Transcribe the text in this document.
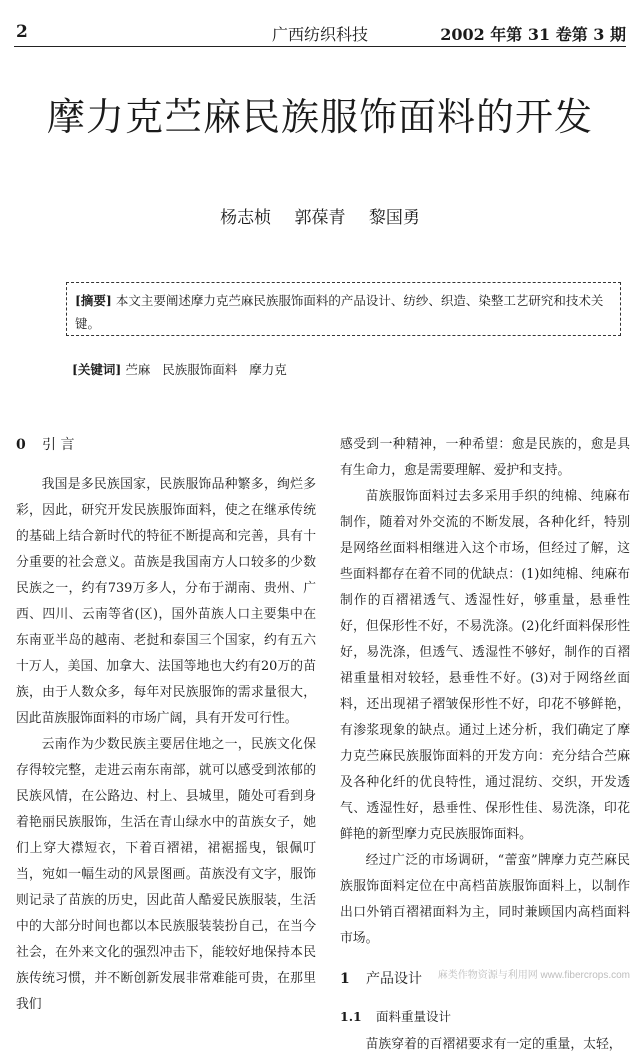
2	广西纺织科技	2002 年第 31 卷第 3 期
摩力克苎麻民族服饰面料的开发
杨志桢 郭葆青 黎国勇
[摘要] 本文主要阐述摩力克苎麻民族服饰面料的产品设计、纺纱、织造、染整工艺研究和技术关键。
[关键词] 苎麻 民族服饰面料 摩力克
0 引 言

我国是多民族国家，民族服饰品种繁多，绚烂多彩，因此，研究开发民族服饰面料，使之在继承传统的基础上结合新时代的特征不断提高和完善，具有十分重要的社会意义。苗族是我国南方人口较多的少数民族之一，约有739万多人，分布于湖南、贵州、广西、四川、云南等省(区)，国外苗族人口主要集中在东南亚半岛的越南、老挝和泰国三个国家，约有五六十万人，美国、加拿大、法国等地也大约有20万的苗族，由于人数众多，每年对民族服饰的需求量很大，因此苗族服饰面料的市场广阔，具有开发可行性。

云南作为少数民族主要居住地之一，民族文化保存得较完整，走进云南东南部，就可以感受到浓郁的民族风情，在公路边、村上、县城里，随处可看到身着艳丽民族服饰，生活在青山绿水中的苗族女子，她们上穿大襟短衣，下着百褶裙，裙裾摇曳，银佩叮当，宛如一幅生动的风景图画。苗族没有文字，服饰则记录了苗族的历史，因此苗人酷爱民族服装，生活中的大部分时间也都以本民族服装装扮自己，在当今社会，在外来文化的强烈冲击下，能较好地保持本民族传统习惯，并不断创新发展非常难能可贵，在那里我们

感受到一种精神，一种希望：愈是民族的，愈是具有生命力，愈是需要理解、爱护和支持。

苗族服饰面料过去多采用手织的纯棉、纯麻布制作，随着对外交流的不断发展，各种化纤，特别是网络丝面料相继进入这个市场，但经过了解，这些面料都存在着不同的优缺点：(1)如纯棉、纯麻布制作的百褶裙透气、透湿性好，够重量，悬垂性好，但保形性不好，不易洗涤。(2)化纤面料保形性好，易洗涤，但透气、透湿性不够好，制作的百褶裙重量相对较轻，悬垂性不好。(3)对于网络丝面料，还出现裙子褶皱保形性不好，印花不够鲜艳，有渗浆现象的缺点。通过上述分析，我们确定了摩力克苎麻民族服饰面料的开发方向：充分结合苎麻及各种化纤的优良特性，通过混纺、交织，开发透气、透湿性好，悬垂性、保形性佳、易洗涤，印花鲜艳的新型摩力克民族服饰面料。

经过广泛的市场调研，“蕾蛮”牌摩力克苎麻民族服饰面料定位在中高档苗族服饰面料上，以制作出口外销百褶裙面料为主，同时兼顾国内高档面料市场。

1 产品设计
1.1 面料重量设计

苗族穿着的百褶裙要求有一定的重量，太轻，

麻类作物资源与利用网 www.fibercrops.com
